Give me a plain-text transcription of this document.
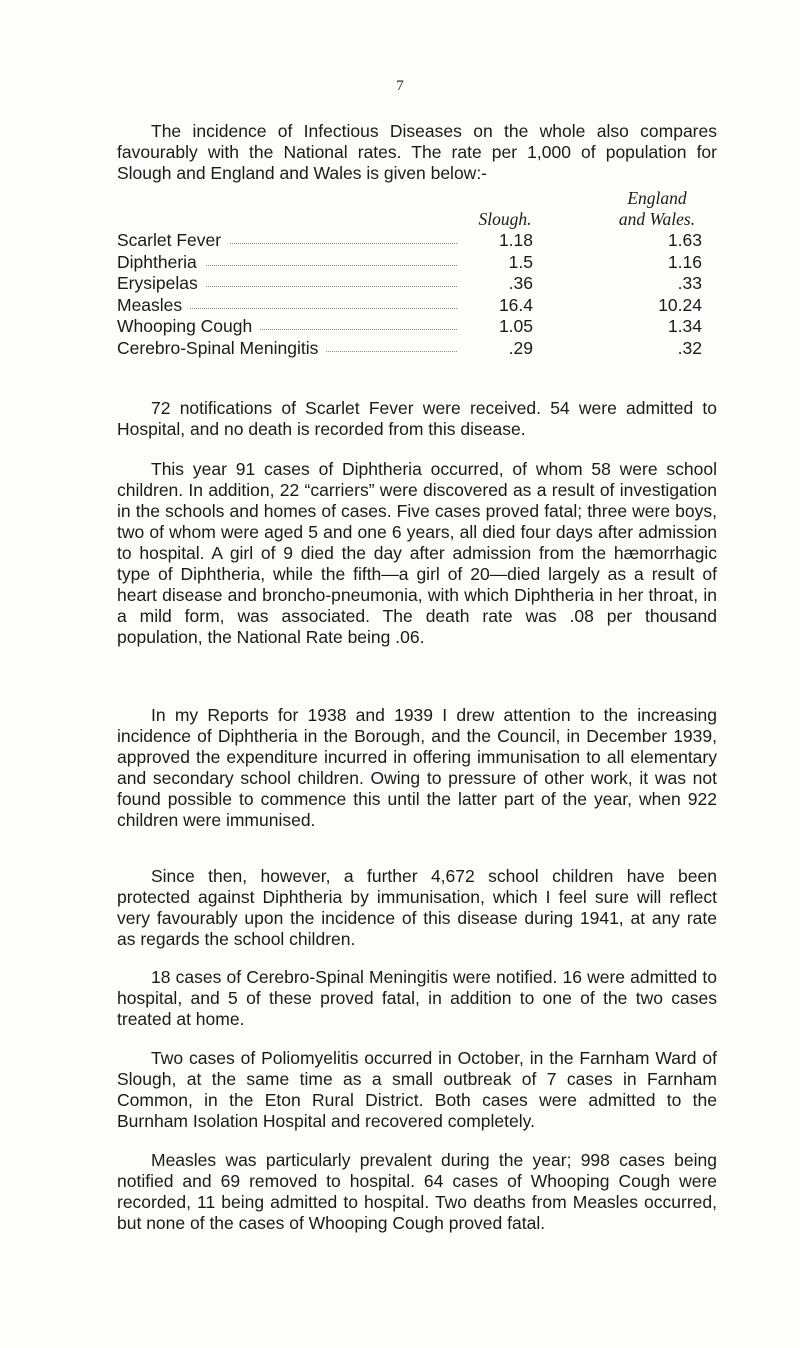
7

The incidence of Infectious Diseases on the whole also compares favourably with the National rates. The rate per 1,000 of population for Slough and England and Wales is given below:-

Slough.
England
and Wales.
Scarlet Fever	1.18	1.63
Diphtheria	1.5	1.16
Erysipelas	.36	.33
Measles	16.4	10.24
Whooping Cough	1.05	1.34
Cerebro-Spinal Meningitis	.29	.32

72 notifications of Scarlet Fever were received. 54 were admitted to Hospital, and no death is recorded from this disease.

This year 91 cases of Diphtheria occurred, of whom 58 were school children. In addition, 22 “carriers” were discovered as a result of investigation in the schools and homes of cases. Five cases proved fatal; three were boys, two of whom were aged 5 and one 6 years, all died four days after admission to hospital. A girl of 9 died the day after admission from the hæmorrhagic type of Diphtheria, while the fifth—a girl of 20—died largely as a result of heart disease and broncho-pneumonia, with which Diphtheria in her throat, in a mild form, was associated. The death rate was .08 per thousand population, the National Rate being .06.

In my Reports for 1938 and 1939 I drew attention to the increasing incidence of Diphtheria in the Borough, and the Council, in December 1939, approved the expenditure incurred in offering immunisation to all elementary and secondary school children. Owing to pressure of other work, it was not found possible to commence this until the latter part of the year, when 922 children were immunised.

Since then, however, a further 4,672 school children have been protected against Diphtheria by immunisation, which I feel sure will reflect very favourably upon the incidence of this disease during 1941, at any rate as regards the school children.

18 cases of Cerebro-Spinal Meningitis were notified. 16 were admitted to hospital, and 5 of these proved fatal, in addition to one of the two cases treated at home.

Two cases of Poliomyelitis occurred in October, in the Farnham Ward of Slough, at the same time as a small outbreak of 7 cases in Farnham Common, in the Eton Rural District. Both cases were admitted to the Burnham Isolation Hospital and recovered completely.

Measles was particularly prevalent during the year; 998 cases being notified and 69 removed to hospital. 64 cases of Whooping Cough were recorded, 11 being admitted to hospital. Two deaths from Measles occurred, but none of the cases of Whooping Cough proved fatal.
